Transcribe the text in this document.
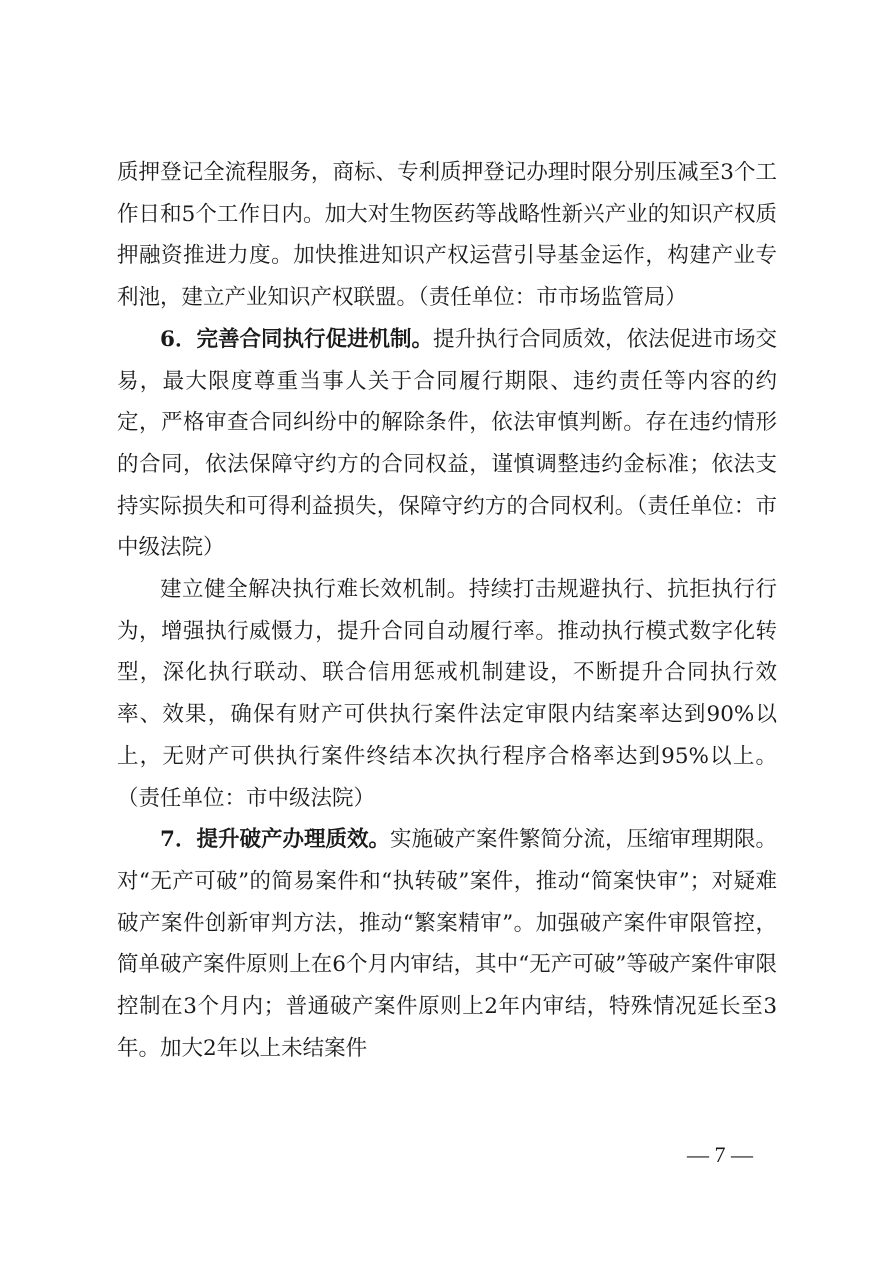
质押登记全流程服务，商标、专利质押登记办理时限分别压减至3个工作日和5个工作日内。加大对生物医药等战略性新兴产业的知识产权质押融资推进力度。加快推进知识产权运营引导基金运作，构建产业专利池，建立产业知识产权联盟。（责任单位：市市场监管局）

6．完善合同执行促进机制。提升执行合同质效，依法促进市场交易，最大限度尊重当事人关于合同履行期限、违约责任等内容的约定，严格审查合同纠纷中的解除条件，依法审慎判断。存在违约情形的合同，依法保障守约方的合同权益，谨慎调整违约金标准；依法支持实际损失和可得利益损失，保障守约方的合同权利。（责任单位：市中级法院）

建立健全解决执行难长效机制。持续打击规避执行、抗拒执行行为，增强执行威慑力，提升合同自动履行率。推动执行模式数字化转型，深化执行联动、联合信用惩戒机制建设，不断提升合同执行效率、效果，确保有财产可供执行案件法定审限内结案率达到90%以上，无财产可供执行案件终结本次执行程序合格率达到95%以上。（责任单位：市中级法院）

7．提升破产办理质效。实施破产案件繁简分流，压缩审理期限。对“无产可破”的简易案件和“执转破”案件，推动“简案快审”；对疑难破产案件创新审判方法，推动“繁案精审”。加强破产案件审限管控，简单破产案件原则上在6个月内审结，其中“无产可破”等破产案件审限控制在3个月内；普通破产案件原则上2年内审结，特殊情况延长至3年。加大2年以上未结案件

— 7 —
